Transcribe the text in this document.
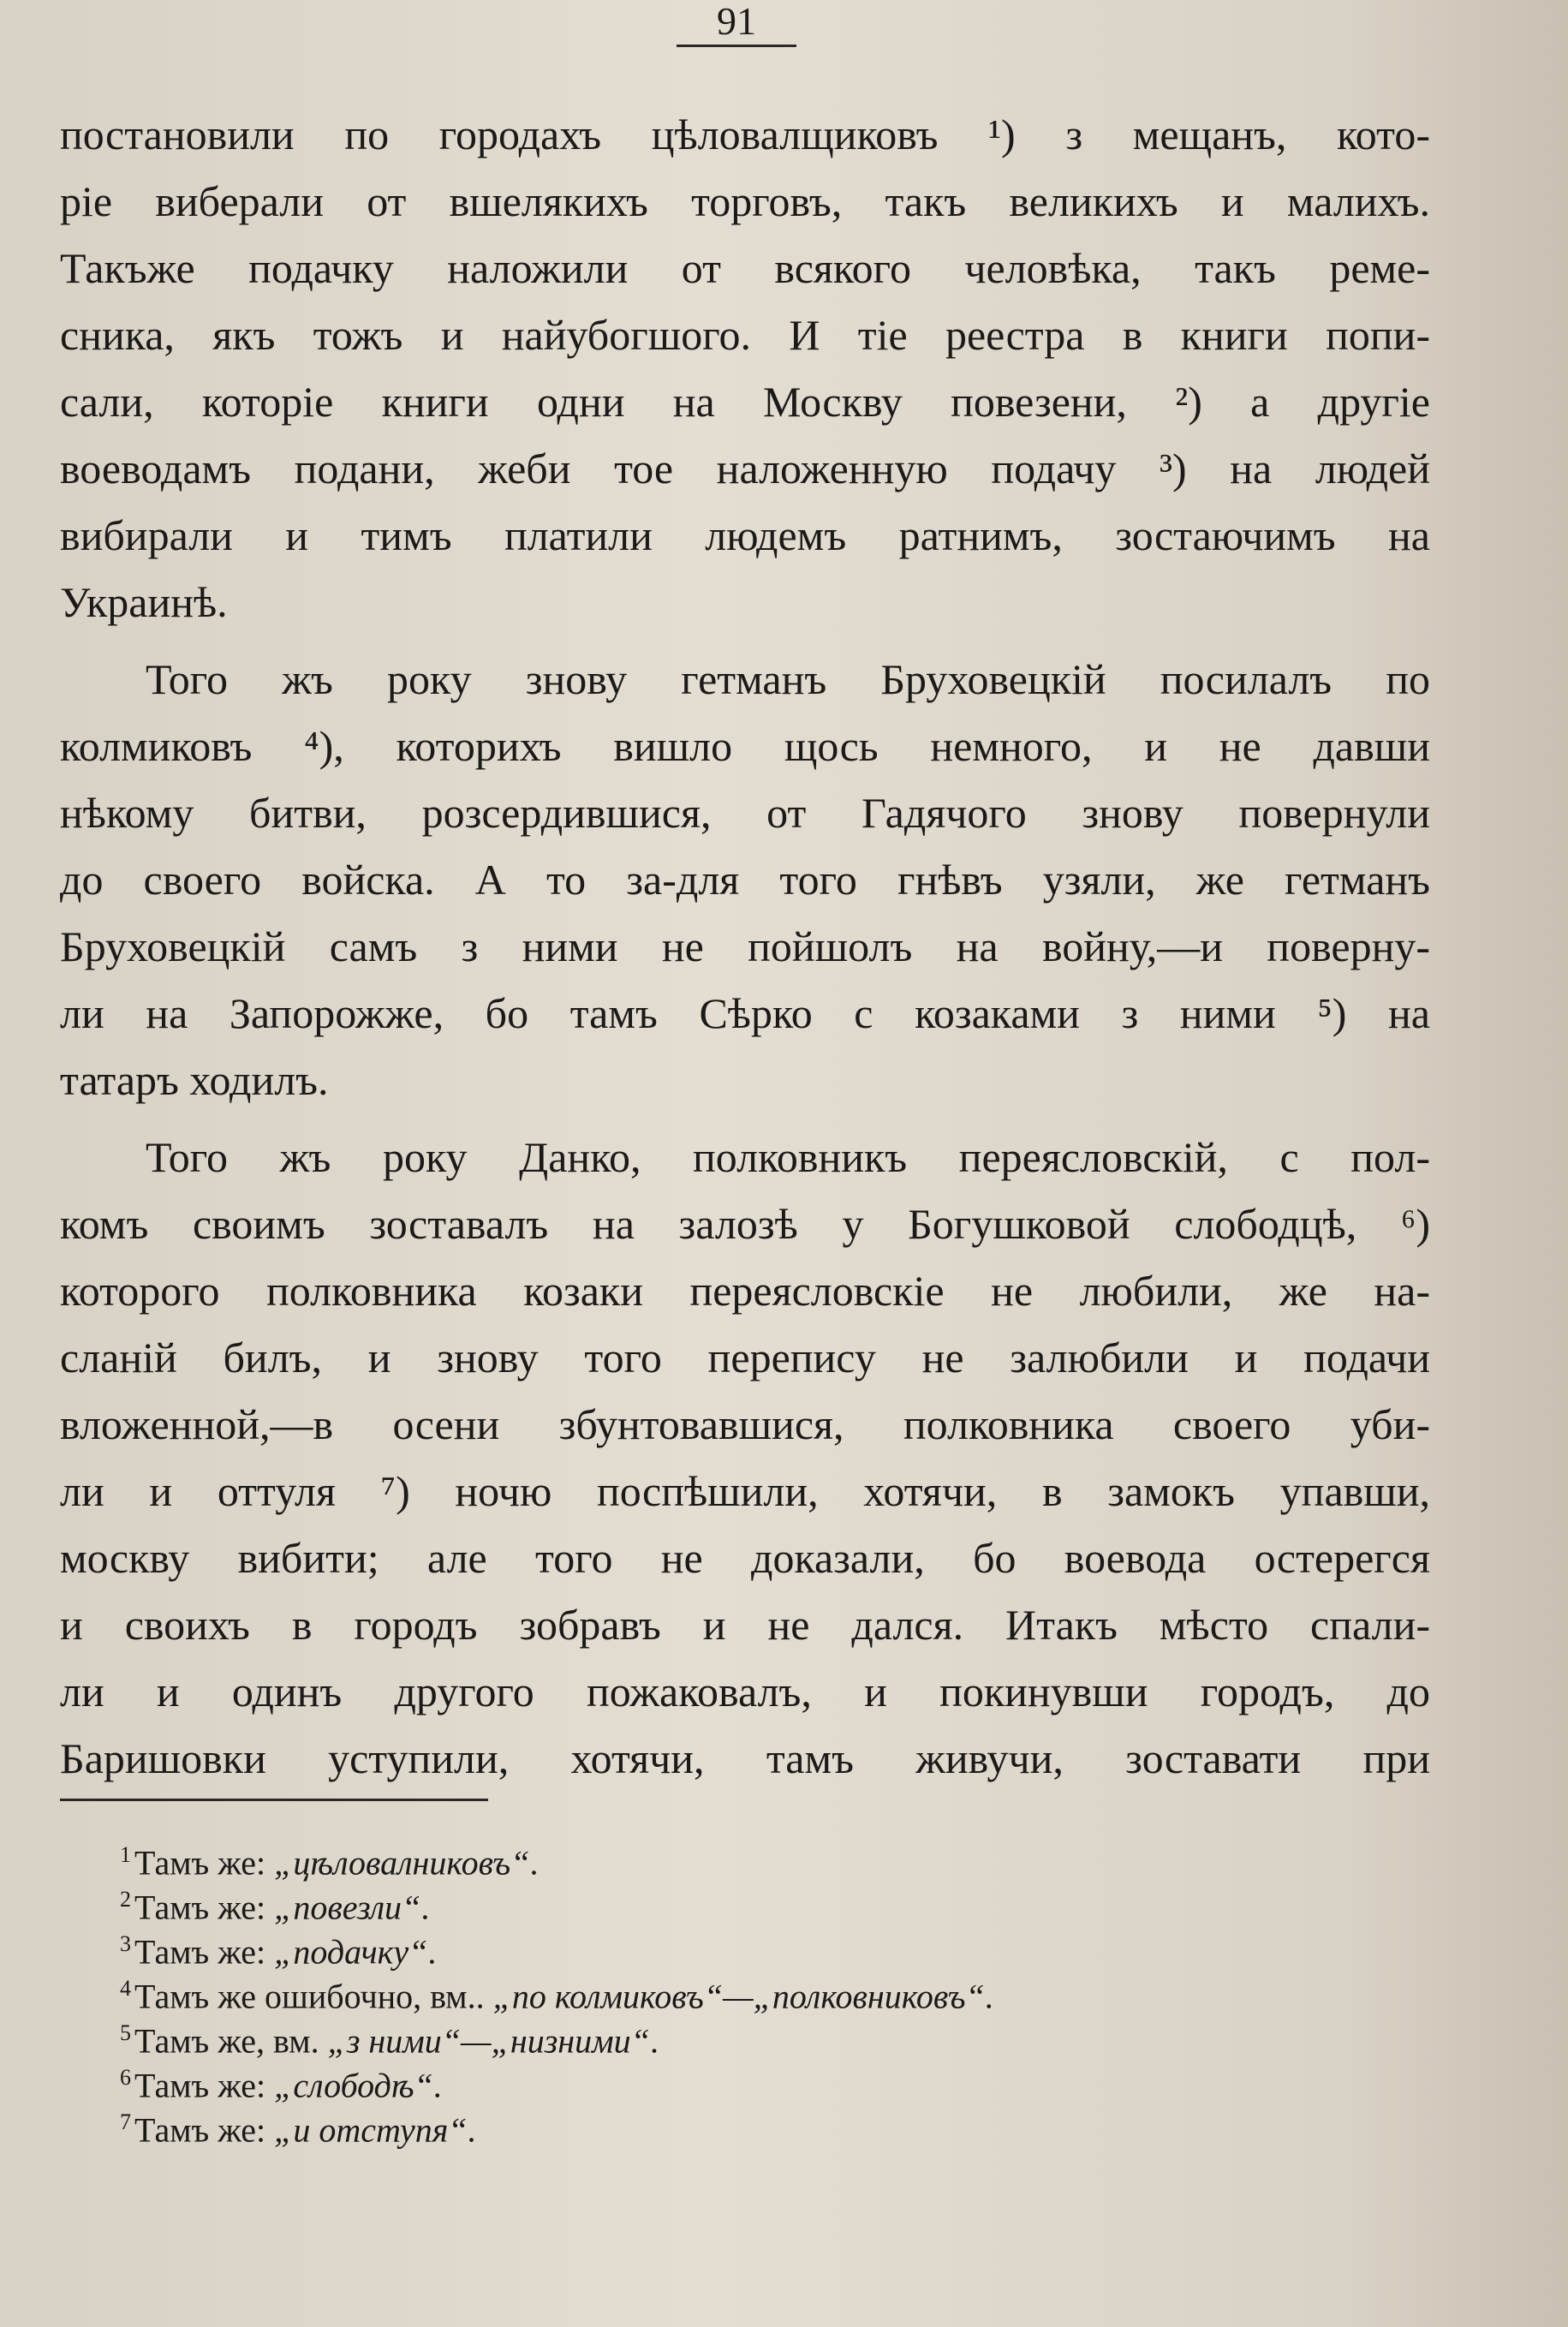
91
постановили по городахъ цѣловалщиковъ ¹) з мещанъ, кото-
ріе виберали от вшелякихъ торговъ, такъ великихъ и малихъ.
Такъже подачку наложили от всякого человѣка, такъ реме-
сника, якъ тожъ и найубогшого. И тіе реестра в книги попи-
сали, которіе книги одни на Москву повезени, ²) а другіе
воеводамъ подани, жеби тое наложенную подачу ³) на людей
вибирали и тимъ платили людемъ ратнимъ, зостаючимъ на
Украинѣ.
Того жъ року знову гетманъ Бруховецкій посилалъ по
колмиковъ ⁴), которихъ вишло щось немного, и не давши
нѣкому битви, розсердившися, от Гадячого знову повернули
до своего войска. А то за-для того гнѣвъ узяли, же гетманъ
Бруховецкій самъ з ними не пойшолъ на войну,—и поверну-
ли на Запорожже, бо тамъ Сѣрко с козаками з ними ⁵) на
татаръ ходилъ.
Того жъ року Данко, полковникъ переясловскій, с пол-
комъ своимъ зоставалъ на залозѣ у Богушковой слободцѣ, ⁶)
которого полковника козаки переясловскіе не любили, же на-
сланій билъ, и знову того перепису не залюбили и подачи
вложенной,—в осени збунтовавшися, полковника своего уби-
ли и оттуля ⁷) ночю поспѣшили, хотячи, в замокъ упавши,
москву вибити; але того не доказали, бо воевода остерегся
и своихъ в городъ зобравъ и не дался. Итакъ мѣсто спали-
ли и одинъ другого пожаковалъ, и покинувши городъ, до
Баришовки уступили, хотячи, тамъ живучи, зоставати при
$^1$ Тамъ же: „цѣловалниковъ“.
$^2$ Тамъ же: „повезли“.
$^3$ Тамъ же: „подачку“.
$^4$ Тамъ же ошибочно, вм.. „по колмиковъ“—„полковниковъ“.
$^5$ Тамъ же, вм. „з ними“—„низними“.
$^6$ Тамъ же: „слободѣ“.
$^7$ Тамъ же: „и отступя“.
